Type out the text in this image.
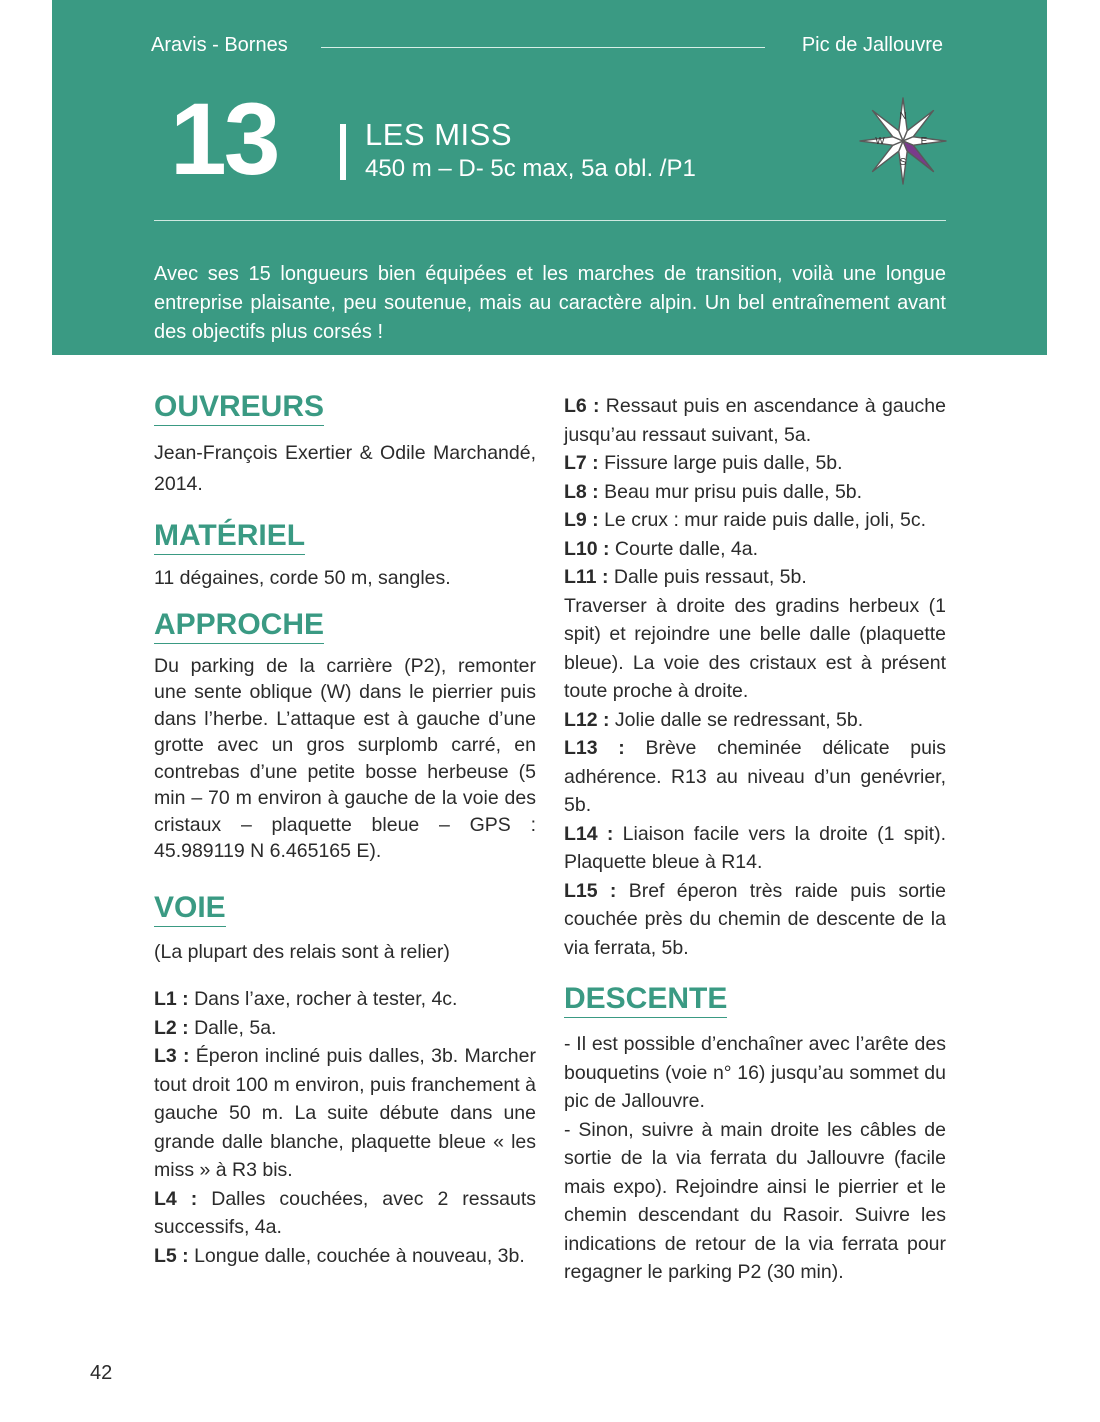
Aravis - Bornes	Pic de Jallouvre
13	LES MISS
450 m – D- 5c max, 5a obl. /P1
N
E
S
W

Avec ses 15 longueurs bien équipées et les marches de transition, voilà une longue entreprise plaisante, peu soutenue, mais au caractère alpin. Un bel entraînement avant des objectifs plus corsés !

OUVREURS

Jean-François Exertier & Odile Marchandé, 2014.

MATÉRIEL

11 dégaines, corde 50 m, sangles.

APPROCHE

Du parking de la carrière (P2), remonter une sente oblique (W) dans le pierrier puis dans l’herbe. L’attaque est à gauche d’une grotte avec un gros surplomb carré, en contrebas d’une petite bosse herbeuse (5 min – 70 m environ à gauche de la voie des cristaux – plaquette bleue – GPS : 45.989119 N 6.465165 E).

VOIE

(La plupart des relais sont à relier)

L1 : Dans l’axe, rocher à tester, 4c.
L2 : Dalle, 5a.
L3 : Éperon incliné puis dalles, 3b. Marcher tout droit 100 m environ, puis franchement à gauche 50 m. La suite débute dans une grande dalle blanche, plaquette bleue « les miss » à R3 bis.
L4 : Dalles couchées, avec 2 ressauts successifs, 4a.
L5 : Longue dalle, couchée à nouveau, 3b.
L6 : Ressaut puis en ascendance à gauche jusqu’au ressaut suivant, 5a.
L7 : Fissure large puis dalle, 5b.
L8 : Beau mur prisu puis dalle, 5b.
L9 : Le crux : mur raide puis dalle, joli, 5c.
L10 : Courte dalle, 4a.
L11 : Dalle puis ressaut, 5b.
Traverser à droite des gradins herbeux (1 spit) et rejoindre une belle dalle (plaquette bleue). La voie des cristaux est à présent toute proche à droite.
L12 : Jolie dalle se redressant, 5b.
L13 : Brève cheminée délicate puis adhérence. R13 au niveau d’un genévrier, 5b.
L14 : Liaison facile vers la droite (1 spit). Plaquette bleue à R14.
L15 : Bref éperon très raide puis sortie couchée près du chemin de descente de la via ferrata, 5b.
DESCENTE

- Il est possible d’enchaîner avec l’arête des bouquetins (voie n° 16) jusqu’au sommet du pic de Jallouvre.

- Sinon, suivre à main droite les câbles de sortie de la via ferrata du Jallouvre (facile mais expo). Rejoindre ainsi le pierrier et le chemin descendant du Rasoir. Suivre les indications de retour de la via ferrata pour regagner le parking P2 (30 min).

42
